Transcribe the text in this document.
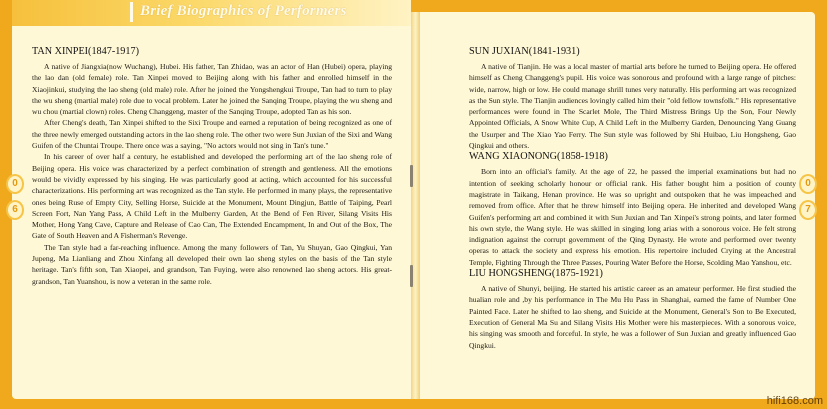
Brief Biographics of Performers
0
6
0
7
TAN XINPEI(1847-1917)

A native of Jiangxia(now Wuchang), Hubei. His father, Tan Zhidao, was an actor of Han (Hubei) opera, playing the lao dan (old female) role. Tan Xinpei moved to Beijing along with his father and enrolled himself in the Xiaojinkui, studying the lao sheng (old male) role. After he joined the Yongshengkui Troupe, Tan had to turn to play the wu sheng (martial male) role due to vocal problem. Later he joined the Sanqing Troupe, playing the wu sheng and wu chou (martial clown) roles. Cheng Changgeng, master of the Sanqing Troupe, adopted Tan as his son.

After Cheng's death, Tan Xinpei shifted to the Sixi Troupe and earned a reputation of being recognized as one of the three newly emerged outstanding actors in the lao sheng role. The other two were Sun Juxian of the Sixi and Wang Guifen of the Chuntai Troupe. There once was a saying, "No actors would not sing in Tan's tune."

In his career of over half a century, he established and developed the performing art of the lao sheng role of Beijing opera. His voice was characterized by a perfect combination of strength and gentleness. All the emotions would be vividly expressed by his singing. He was particularly good at acting, which accounted for his successful characterizations. His performing art was recognized as the Tan style. He performed in many plays, the representative ones being Ruse of Empty City, Selling Horse, Suicide at the Monument, Mount Dingjun, Battle of Taiping, Pearl Screen Fort, Nan Yang Pass, A Child Left in the Mulberry Garden, At the Bend of Fen River, Silang Visits His Mother, Hong Yang Cave, Capture and Release of Cao Can, The Extended Encampment, In and Out of the Box, The Gate of South Heaven and A Fisherman's Revenge.

The Tan style had a far-reaching influence. Among the many followers of Tan, Yu Shuyan, Gao Qingkui, Yan Jupeng, Ma Lianliang and Zhou Xinfang all developed their own lao sheng styles on the basis of the Tan style heritage. Tan's fifth son, Tan Xiaopei, and grandson, Tan Fuying, were also renowned lao sheng actors. His great-grandson, Tan Yuanshou, is now a veteran in the same role.

SUN JUXIAN(1841-1931)

A native of Tianjin. He was a local master of martial arts before he turned to Beijing opera. He offered himself as Cheng Changgeng's pupil. His voice was sonorous and profound with a large range of pitches: wide, narrow, high or low. He could manage shrill tunes very naturally. His performing art was recognized as the Sun style. The Tianjin audiences lovingly called him their "old fellow townsfolk." His representative performances were found in The Scarlet Mole, The Third Mistress Brings Up the Son, Four Newly Appointed Officials, A Snow White Cup, A Child Left in the Mulberry Garden, Denouncing Yang Guang the Usurper and The Xiao Yao Ferry. The Sun style was followed by Shi Huibao, Liu Hongsheng, Gao Qingkui and others.

WANG XIAONONG(1858-1918)

Born into an official's family. At the age of 22, he passed the imperial examinations but had no intention of seeking scholarly honour or official rank. His father bought him a position of county magistrate in Taikang, Henan province. He was so upright and outspoken that he was impeached and removed from office. After that he threw himself into Beijing opera. He inherited and developed Wang Guifen's performing art and combined it with Sun Juxian and Tan Xinpei's strong points, and later formed his own style, the Wang style. He was skilled in singing long arias with a sonorous voice. He felt strong indignation against the corrupt government of the Qing Dynasty. He wrote and performed over twenty operas to attack the society and express his emotion. His repertoire included Crying at the Ancestral Temple, Fighting Through the Three Passes, Pouring Water Before the Horse, Scolding Mao Yanshou, etc.

LIU HONGSHENG(1875-1921)

A native of Shunyi, beijing. He started his artistic career as an amateur performer. He first studied the hualian role and ,by his performance in The Mu Hu Pass in Shanghai, earned the fame of Number One Painted Face. Later he shifted to lao sheng, and Suicide at the Monument, General's Son to Be Executed, Execution of General Ma Su and Silang Visits His Mother were his masterpieces. With a sonorous voice, his singing was smooth and forceful. In style, he was a follower of Sun Juxian and greatly influenced Gao Qingkui.

hifi168.com
